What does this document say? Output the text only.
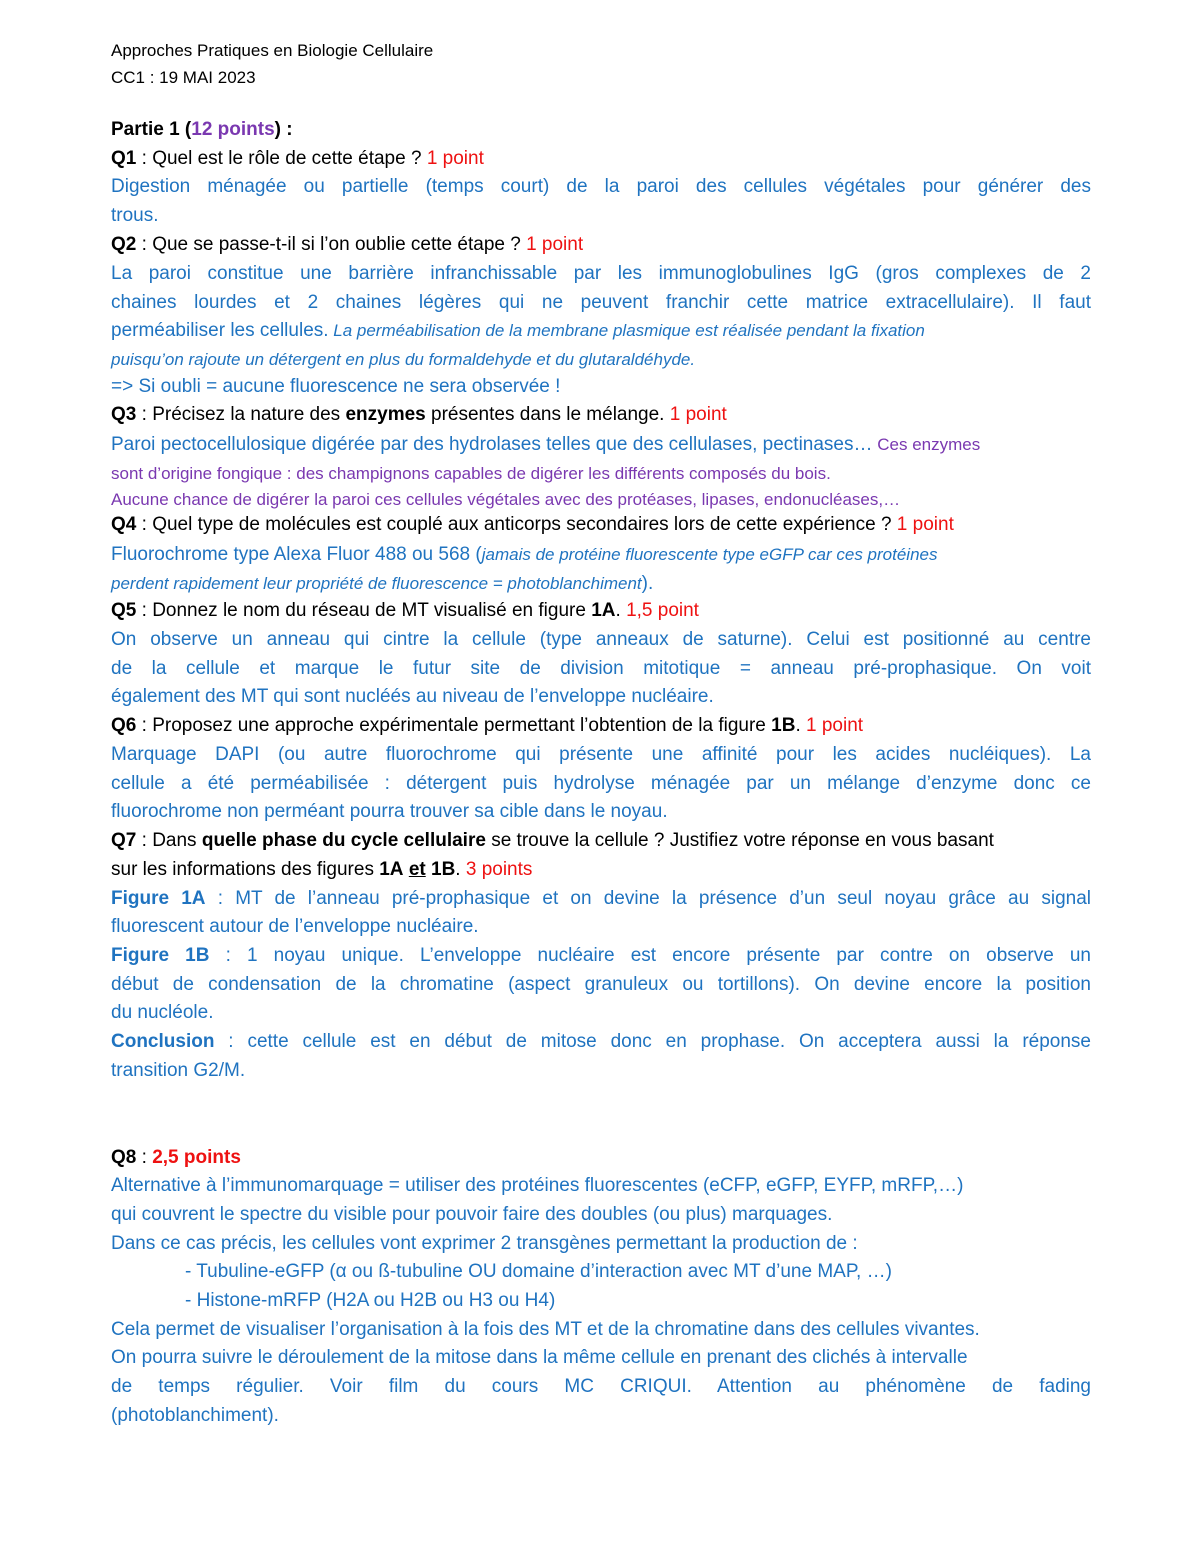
Approches Pratiques en Biologie Cellulaire
CC1 : 19 MAI 2023
Partie 1 (12 points) :
Q1 : Quel est le rôle de cette étape ? 1 point
Digestion ménagée ou partielle (temps court) de la paroi des cellules végétales pour générer des
trous.
Q2 : Que se passe-t-il si l’on oublie cette étape ? 1 point
La paroi constitue une barrière infranchissable par les immunoglobulines IgG (gros complexes de 2
chaines lourdes et 2 chaines légères qui ne peuvent franchir cette matrice extracellulaire). Il faut
perméabiliser les cellules. La perméabilisation de la membrane plasmique est réalisée pendant la fixation
puisqu’on rajoute un détergent en plus du formaldehyde et du glutaraldéhyde.
=> Si oubli = aucune fluorescence ne sera observée !
Q3 : Précisez la nature des enzymes présentes dans le mélange. 1 point
Paroi pectocellulosique digérée par des hydrolases telles que des cellulases, pectinases… Ces enzymes
sont d’origine fongique : des champignons capables de digérer les différents composés du bois.
Aucune chance de digérer la paroi ces cellules végétales avec des protéases, lipases, endonucléases,…
Q4 : Quel type de molécules est couplé aux anticorps secondaires lors de cette expérience ? 1 point
Fluorochrome type Alexa Fluor 488 ou 568 (jamais de protéine fluorescente type eGFP car ces protéines
perdent rapidement leur propriété de fluorescence = photoblanchiment).
Q5 : Donnez le nom du réseau de MT visualisé en figure 1A. 1,5 point
On observe un anneau qui cintre la cellule (type anneaux de saturne). Celui est positionné au centre
de la cellule et marque le futur site de division mitotique = anneau pré-prophasique. On voit
également des MT qui sont nucléés au niveau de l’enveloppe nucléaire.
Q6 : Proposez une approche expérimentale permettant l’obtention de la figure 1B. 1 point
Marquage DAPI (ou autre fluorochrome qui présente une affinité pour les acides nucléiques). La
cellule a été perméabilisée : détergent puis hydrolyse ménagée par un mélange d’enzyme donc ce
fluorochrome non perméant pourra trouver sa cible dans le noyau.
Q7 : Dans quelle phase du cycle cellulaire se trouve la cellule ? Justifiez votre réponse en vous basant
sur les informations des figures 1A et 1B. 3 points
Figure 1A : MT de l’anneau pré-prophasique et on devine la présence d’un seul noyau grâce au signal
fluorescent autour de l’enveloppe nucléaire.
Figure 1B : 1 noyau unique. L’enveloppe nucléaire est encore présente par contre on observe un
début de condensation de la chromatine (aspect granuleux ou tortillons). On devine encore la position
du nucléole.
Conclusion : cette cellule est en début de mitose donc en prophase. On acceptera aussi la réponse
transition G2/M.
Q8 : 2,5 points
Alternative à l’immunomarquage = utiliser des protéines fluorescentes (eCFP, eGFP, EYFP, mRFP,…)
qui couvrent le spectre du visible pour pouvoir faire des doubles (ou plus) marquages.
Dans ce cas précis, les cellules vont exprimer 2 transgènes permettant la production de :
- Tubuline-eGFP (α ou ß-tubuline OU domaine d’interaction avec MT d’une MAP, …)
- Histone-mRFP (H2A ou H2B ou H3 ou H4)
Cela permet de visualiser l’organisation à la fois des MT et de la chromatine dans des cellules vivantes.
On pourra suivre le déroulement de la mitose dans la même cellule en prenant des clichés à intervalle
de temps régulier. Voir film du cours MC CRIQUI. Attention au phénomène de fading
(photoblanchiment).
